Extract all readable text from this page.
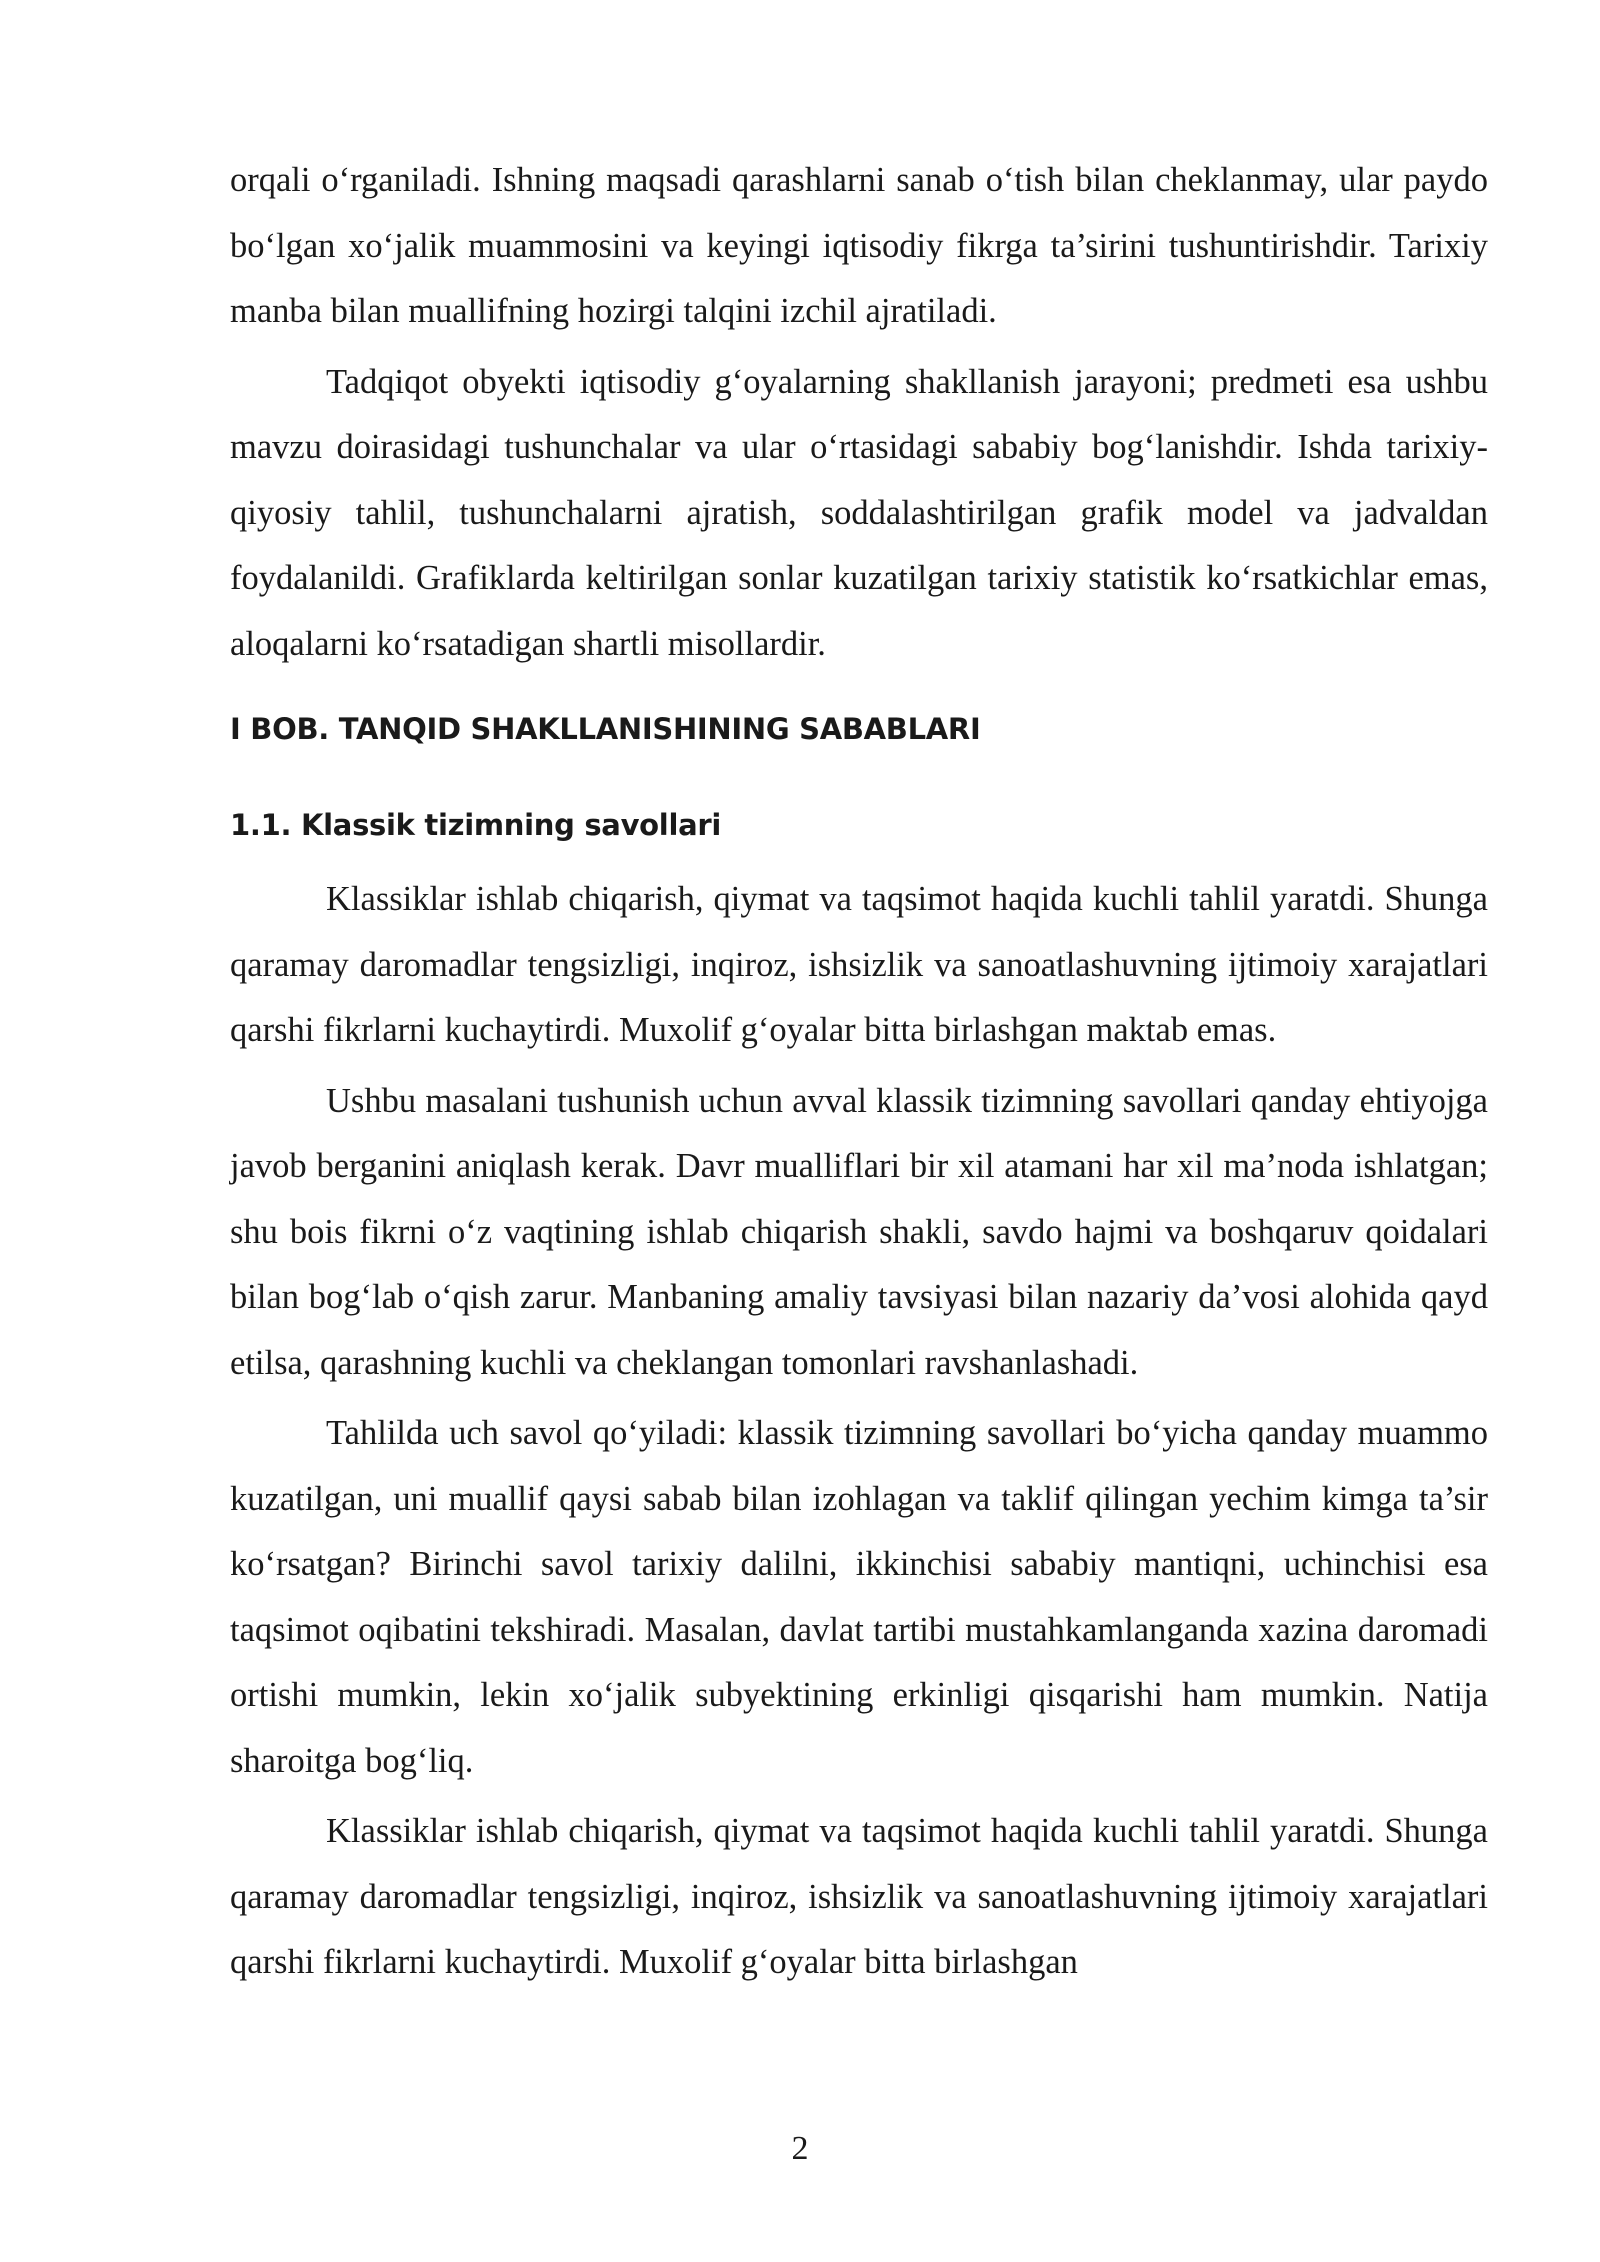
orqali o‘rganiladi. Ishning maqsadi qarashlarni sanab o‘tish bilan cheklanmay, ular paydo bo‘lgan xo‘jalik muammosini va keyingi iqtisodiy fikrga ta’sirini tushuntirishdir. Tarixiy manba bilan muallifning hozirgi talqini izchil ajratiladi.

Tadqiqot obyekti iqtisodiy g‘oyalarning shakllanish jarayoni; predmeti esa ushbu mavzu doirasidagi tushunchalar va ular o‘rtasidagi sababiy bog‘lanishdir. Ishda tarixiy-qiyosiy tahlil, tushunchalarni ajratish, soddalashtirilgan grafik model va jadvaldan foydalanildi. Grafiklarda keltirilgan sonlar kuzatilgan tarixiy statistik ko‘rsatkichlar emas, aloqalarni ko‘rsatadigan shartli misollardir.

I BOB. TANQID SHAKLLANISHINING SABABLARI
1.1. Klassik tizimning savollari

Klassiklar ishlab chiqarish, qiymat va taqsimot haqida kuchli tahlil yaratdi. Shunga qaramay daromadlar tengsizligi, inqiroz, ishsizlik va sanoatlashuvning ijtimoiy xarajatlari qarshi fikrlarni kuchaytirdi. Muxolif g‘oyalar bitta birlashgan maktab emas.

Ushbu masalani tushunish uchun avval klassik tizimning savollari qanday ehtiyojga javob berganini aniqlash kerak. Davr mualliflari bir xil atamani har xil ma’noda ishlatgan; shu bois fikrni o‘z vaqtining ishlab chiqarish shakli, savdo hajmi va boshqaruv qoidalari bilan bog‘lab o‘qish zarur. Manbaning amaliy tavsiyasi bilan nazariy da’vosi alohida qayd etilsa, qarashning kuchli va cheklangan tomonlari ravshanlashadi.

Tahlilda uch savol qo‘yiladi: klassik tizimning savollari bo‘yicha qanday muammo kuzatilgan, uni muallif qaysi sabab bilan izohlagan va taklif qilingan yechim kimga ta’sir ko‘rsatgan? Birinchi savol tarixiy dalilni, ikkinchisi sababiy mantiqni, uchinchisi esa taqsimot oqibatini tekshiradi. Masalan, davlat tartibi mustahkamlanganda xazina daromadi ortishi mumkin, lekin xo‘jalik subyektining erkinligi qisqarishi ham mumkin. Natija sharoitga bog‘liq.

Klassiklar ishlab chiqarish, qiymat va taqsimot haqida kuchli tahlil yaratdi. Shunga qaramay daromadlar tengsizligi, inqiroz, ishsizlik va sanoatlashuvning ijtimoiy xarajatlari qarshi fikrlarni kuchaytirdi. Muxolif g‘oyalar bitta birlashgan

2
